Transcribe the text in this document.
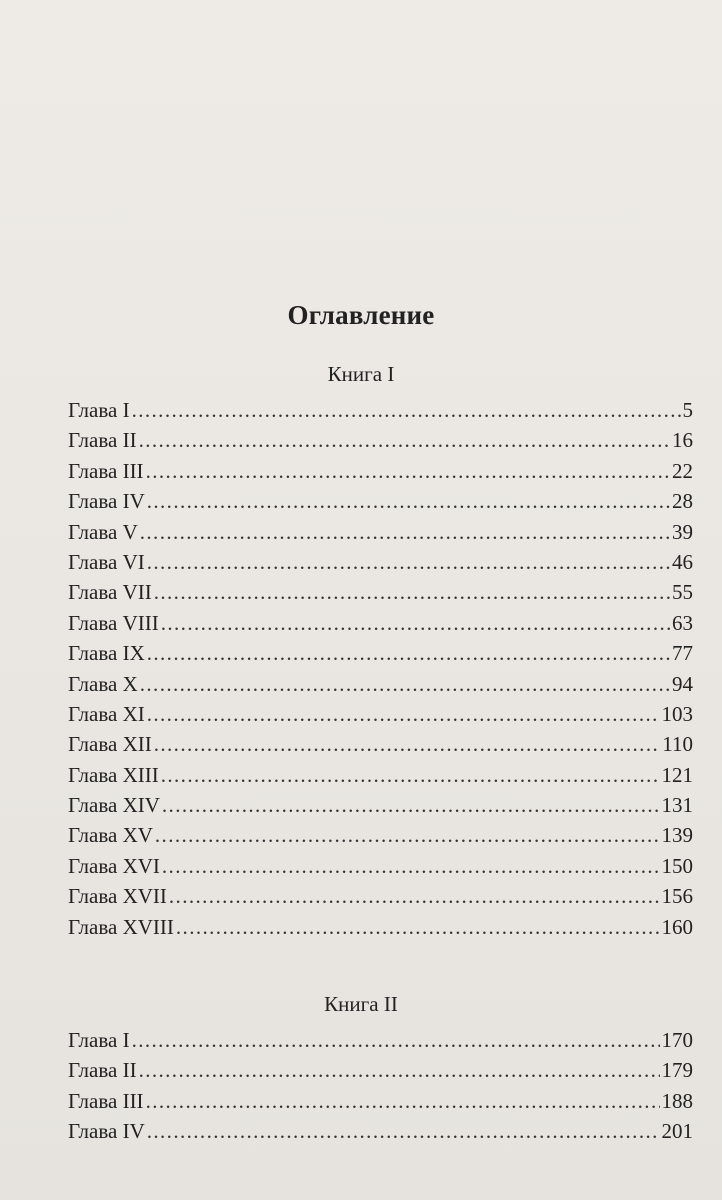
Оглавление
Книга I
Глава I .....	5
Глава II .....	16
Глава III .....	22
Глава IV .....	28
Глава V .....	39
Глава VI .....	46
Глава VII .....	55
Глава VIII .....	63
Глава IX .....	77
Глава X .....	94
Глава XI .....	103
Глава XII .....	110
Глава XIII .....	121
Глава XIV .....	131
Глава XV .....	139
Глава XVI .....	150
Глава XVII .....	156
Глава XVIII .....	160
Книга II
Глава I .....	170
Глава II .....	179
Глава III .....	188
Глава IV .....	201
